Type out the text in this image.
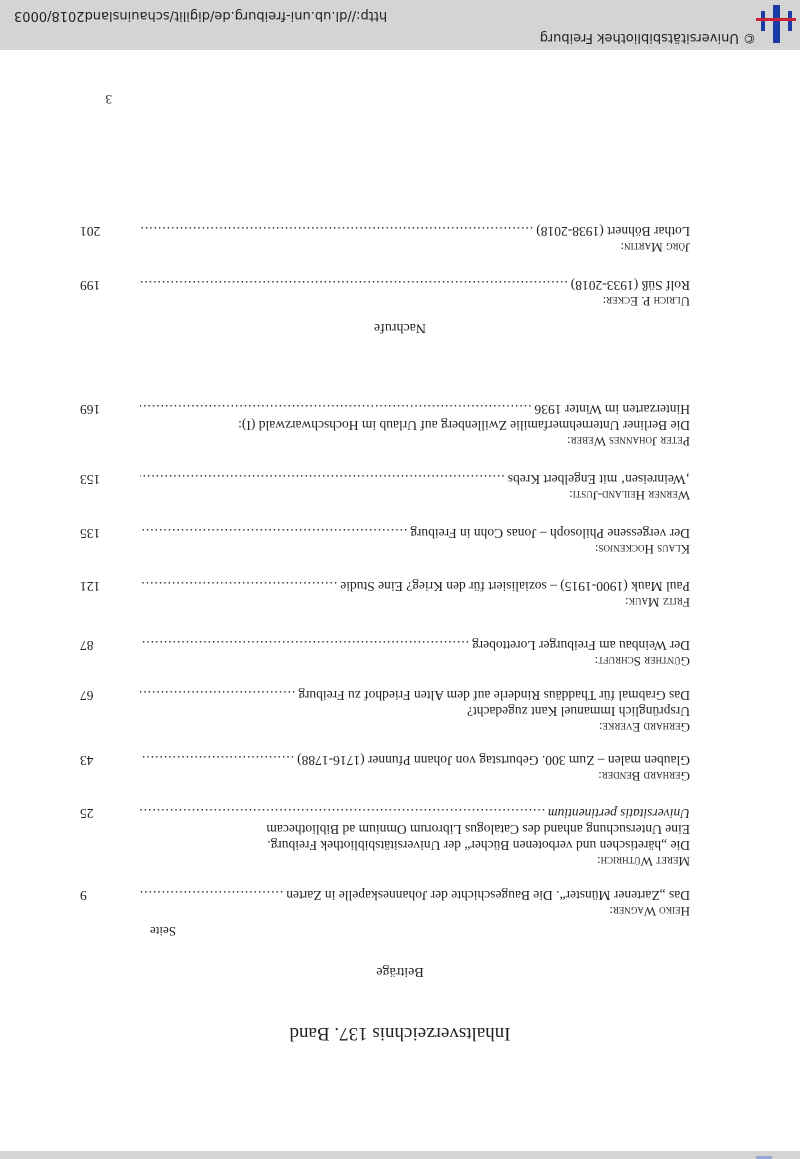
Inhaltsverzeichnis 137. Band
Beiträge
Seite
Heiko Wagner:
Das „Zartener Münster“. Die Baugeschichte der Johanneskapelle in Zarten
.....
9
Meret Wüthrich:
Die „häretischen und verbotenen Bücher“ der Universitätsbibliothek Freiburg.
Eine Untersuchung anhand des Catalogus Librorum Omnium ad Bibliothecam
Universitatis pertinentium
.....
25
Gerhard Bender:
Glauben malen – Zum 300. Geburtstag von Johann Pfunner (1716-1788)
.....
43
Gerhard Everke:
Ursprünglich Immanuel Kant zugedacht?
Das Grabmal für Thaddäus Rinderle auf dem Alten Friedhof zu Freiburg
.....
67
Günther Schruft:
Der Weinbau am Freiburger Lorettoberg
.....
87
Fritz Mauk:
Paul Mauk (1900-1915) – sozialisiert für den Krieg? Eine Studie
.....
121
Klaus Hockenjos:
Der vergessene Philosoph – Jonas Cohn in Freiburg
.....
135
Werner Heiland-Justi:
‚Weinreisen‘ mit Engelbert Krebs
.....
153
Peter Johannes Weber:
Die Berliner Unternehmerfamilie Zwillenberg auf Urlaub im Hochschwarzwald (I):
Hinterzarten im Winter 1936
.....
169
Nachrufe
Ulrich P. Ecker:
Rolf Süß (1933-2018)
.....
199
Jörg Martin:
Lothar Böhnert (1938-2018)
.....
201
3
© Universitätsbibliothek Freiburg
http://dl.ub.uni-freiburg.de/digilit/schauinsland2018/0003
